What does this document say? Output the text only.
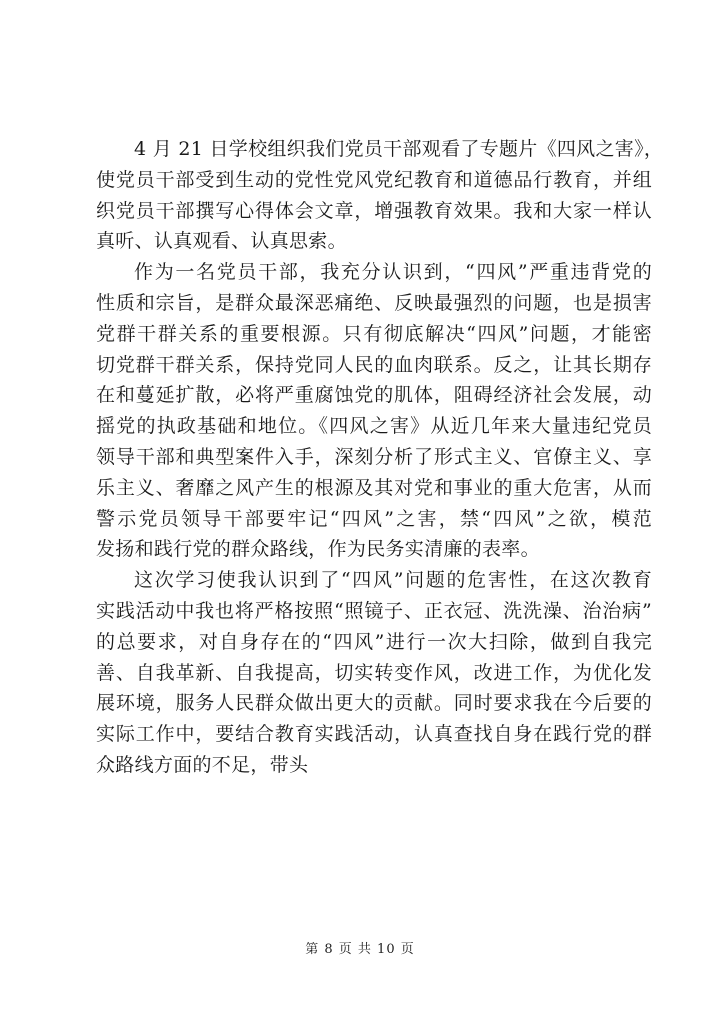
4 月 21 日学校组织我们党员干部观看了专题片《四风之害》，
使党员干部受到生动的党性党风党纪教育和道德品行教育，并组
织党员干部撰写心得体会文章，增强教育效果。我和大家一样认
真听、认真观看、认真思索。
作为一名党员干部，我充分认识到，“四风”严重违背党的
性质和宗旨，是群众最深恶痛绝、反映最强烈的问题，也是损害
党群干群关系的重要根源。只有彻底解决“四风”问题，才能密
切党群干群关系，保持党同人民的血肉联系。反之，让其长期存
在和蔓延扩散，必将严重腐蚀党的肌体，阻碍经济社会发展，动
摇党的执政基础和地位。《四风之害》从近几年来大量违纪党员
领导干部和典型案件入手，深刻分析了形式主义、官僚主义、享
乐主义、奢靡之风产生的根源及其对党和事业的重大危害，从而
警示党员领导干部要牢记“四风”之害，禁“四风”之欲，模范
发扬和践行党的群众路线，作为民务实清廉的表率。
这次学习使我认识到了“四风”问题的危害性，在这次教育
实践活动中我也将严格按照“照镜子、正衣冠、洗洗澡、治治病”
的总要求，对自身存在的“四风”进行一次大扫除，做到自我完
善、自我革新、自我提高，切实转变作风，改进工作，为优化发
展环境，服务人民群众做出更大的贡献。同时要求我在今后要的
实际工作中，要结合教育实践活动，认真查找自身在践行党的群
众路线方面的不足，带头
第 8 页 共 10 页
